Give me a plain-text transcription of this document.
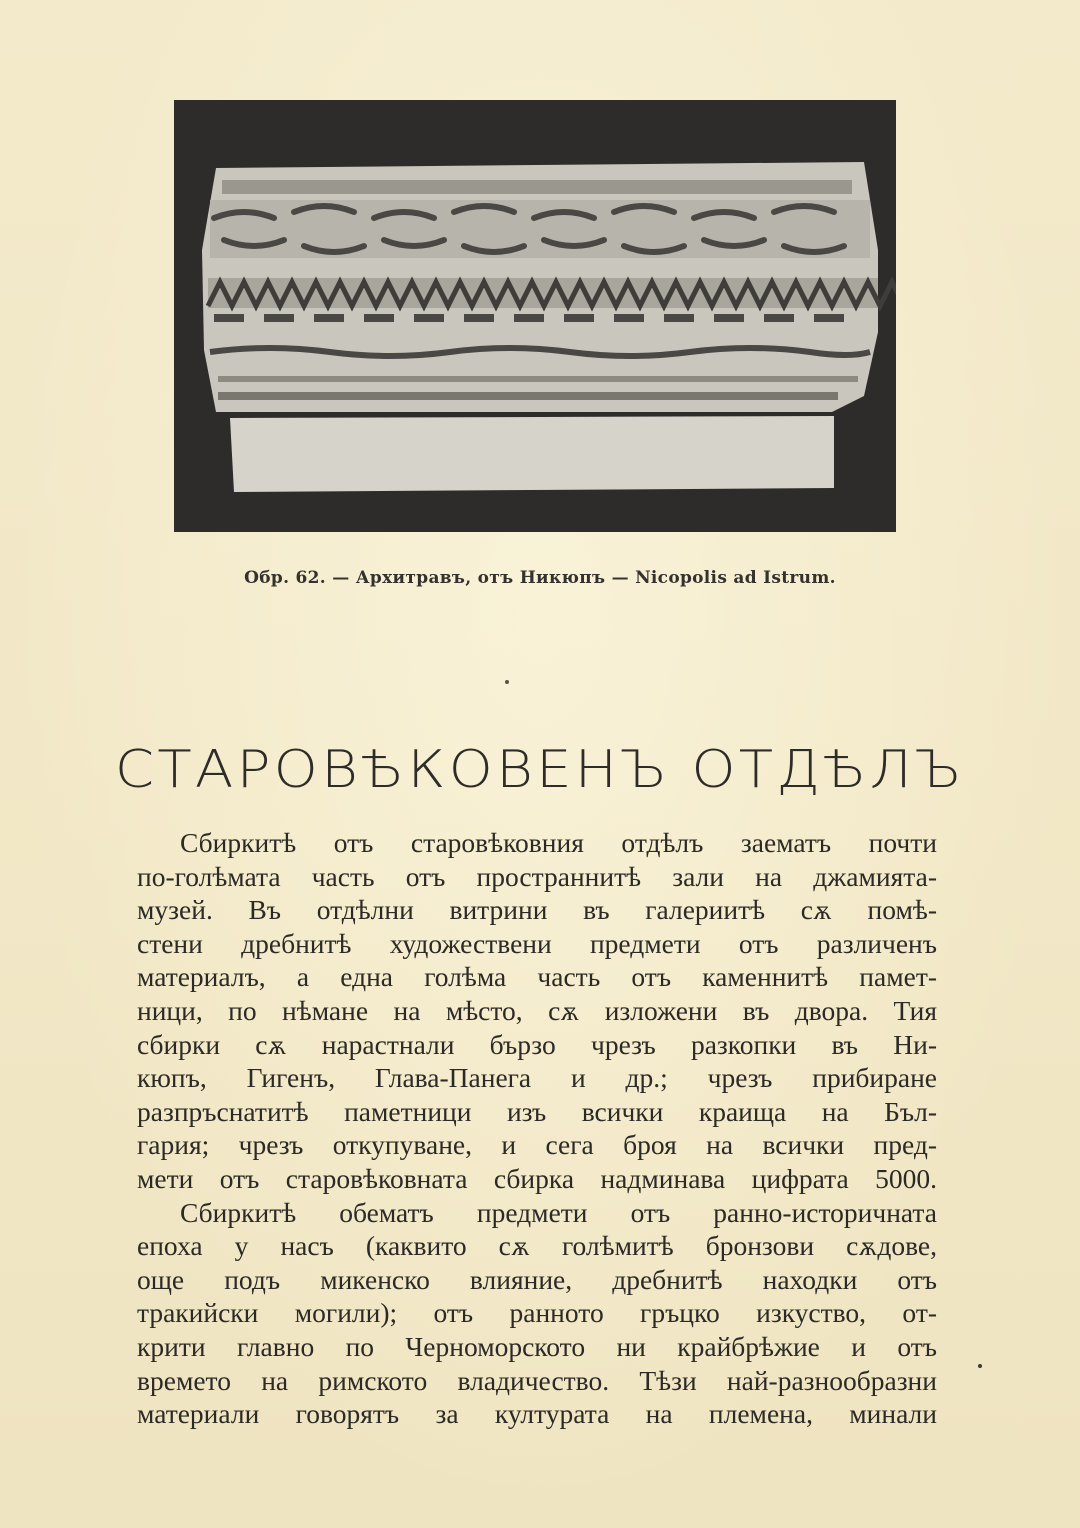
Обр. 62. — Архитравъ, отъ Никюпъ — Nicopolis ad Istrum.
СТАРОВѢКОВЕНЪ ОТДѢЛЪ
Сбиркитѣ отъ старовѣковния отдѣлъ заематъ почти
по-голѣмата часть отъ пространнитѣ зали на джамията-
музей. Въ отдѣлни витрини въ галериитѣ сѫ помѣ-
стени дребнитѣ художествени предмети отъ различенъ
материалъ, а една голѣма часть отъ каменнитѣ памет-
ници, по нѣмане на мѣсто, сѫ изложени въ двора. Тия
сбирки сѫ нарастнали бързо чрезъ разкопки въ Ни-
кюпъ, Гигенъ, Глава-Панега и др.; чрезъ прибиране
разпръснатитѣ паметници изъ всички краища на Бъл-
гария; чрезъ откупуване, и сега броя на всички пред-
мети отъ старовѣковната сбирка надминава цифрата 5000.
Сбиркитѣ обематъ предмети отъ ранно-историчната
епоха у насъ (каквито сѫ голѣмитѣ бронзови сѫдове,
още подъ микенско влияние, дребнитѣ находки отъ
тракийски могили); отъ ранното гръцко изкуство, от-
крити главно по Черноморското ни крайбрѣжие и отъ
времето на римското владичество. Тѣзи най-разнообразни
материали говорятъ за културата на племена, минали
